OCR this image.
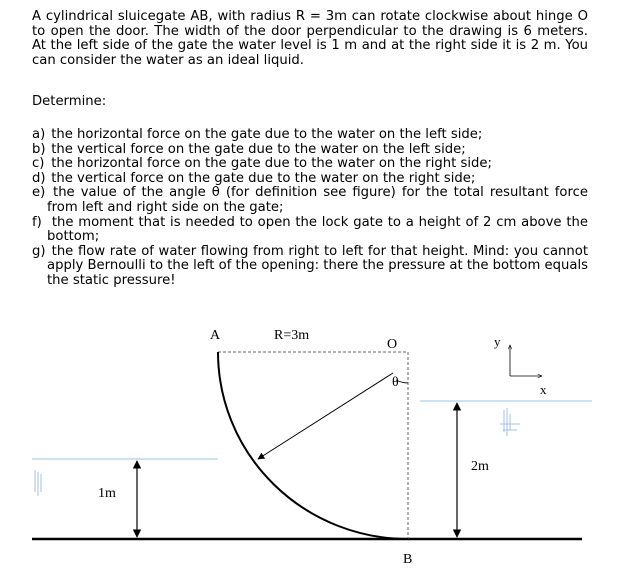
A cylindrical sluicegate AB, with radius R = 3m can rotate clockwise about hinge O to open the door. The width of the door perpendicular to the drawing is 6 meters. At the left side of the gate the water level is 1 m and at the right side it is 2 m. You can consider the water as an ideal liquid.
Determine:
a) the horizontal force on the gate due to the water on the left side;
b) the vertical force on the gate due to the water on the left side;
c) the horizontal force on the gate due to the water on the right side;
d) the vertical force on the gate due to the water on the right side;
e) the value of the angle θ (for definition see figure) for the total resultant force from left and right side on the gate;
f) the moment that is needed to open the lock gate to a height of 2 cm above the bottom;
g) the flow rate of water flowing from right to left for that height. Mind: you cannot apply Bernoulli to the left of the opening: there the pressure at the bottom equals the static pressure!
A	R=3m
O
θ
y
x
2m
1m
B
